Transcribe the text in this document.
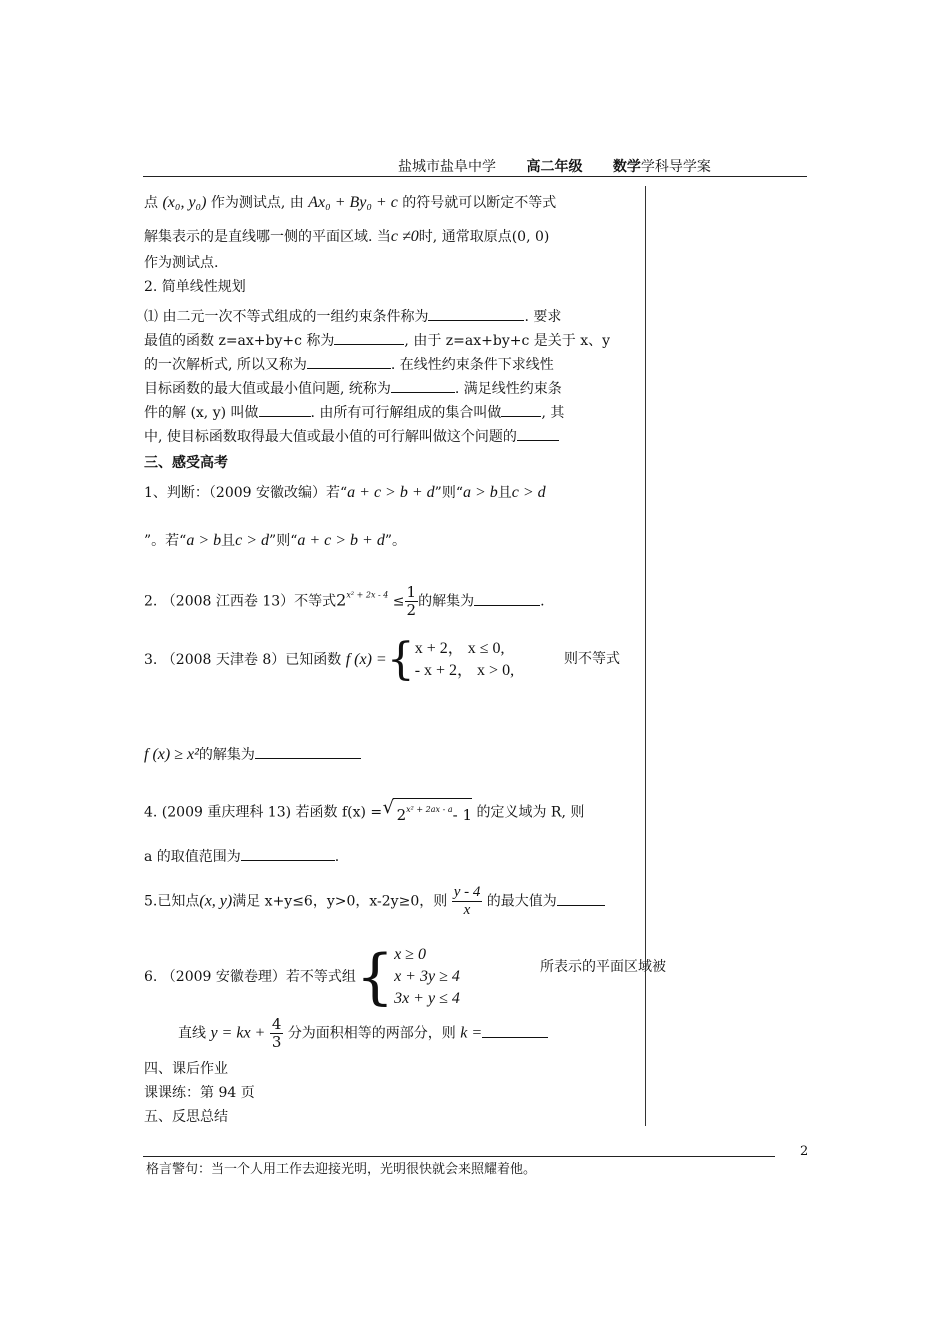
盐城市盐阜中学 高二年级 数学学科导学案
点 (x₀, y₀) 作为测试点, 由 Ax₀ + By₀ + c 的符号就可以断定不等式
解集表示的是直线哪一侧的平面区域. 当c ≠0时, 通常取原点(0, 0)
作为测试点.
2. 简单线性规划
⑴ 由二元一次不等式组成的一组约束条件称为	. 要求
最值的函数 z=ax+by+c 称为	, 由于 z=ax+by+c 是关于 x、y
的一次解析式, 所以又称为	. 在线性约束条件下求线性
目标函数的最大值或最小值问题, 统称为	. 满足线性约束条
件的解 (x, y) 叫做	. 由所有可行解组成的集合叫做	, 其
中, 使目标函数取得最大值或最小值的可行解叫做这个问题的
三、感受高考
1、判断：（2009 安徽改编）若“a + c > b + d”则“a > b且c > d
”。若“a > b且c > d”则“a + c > b + d”。
2. （2008 江西卷 13）不等式$2^{x^2 + 2x - 4} \le \frac{1}{2}$ 的解集为	.
3. （2008 天津卷 8）已知函数 f (x) ={ x + 2， x ≤ 0,
- x + 2， x > 0,
则不等式
f (x) ≥ x²的解集为
4. (2009 重庆理科 13) 若函数 f(x) = √ $2^{x^2 + 2ax - a}-$ 1 的定义域为 R, 则
a 的取值范围为	.
5.已知点(x, y)满足 x+y≤6，y>0，x-2y≥0，则 $\frac{y - 4}{x}$ 的最大值为
6. （2009 安徽卷理）若不等式组{ x ≥ 0
x + 3y ≥ 4
3x + y ≤ 4
所表示的平面区域被
直线 y = kx + $\frac{4}{3}$ 分为面积相等的两部分，则 k =
四、课后作业
课课练：第 94 页
五、反思总结
2
格言警句：当一个人用工作去迎接光明，光明很快就会来照耀着他。
